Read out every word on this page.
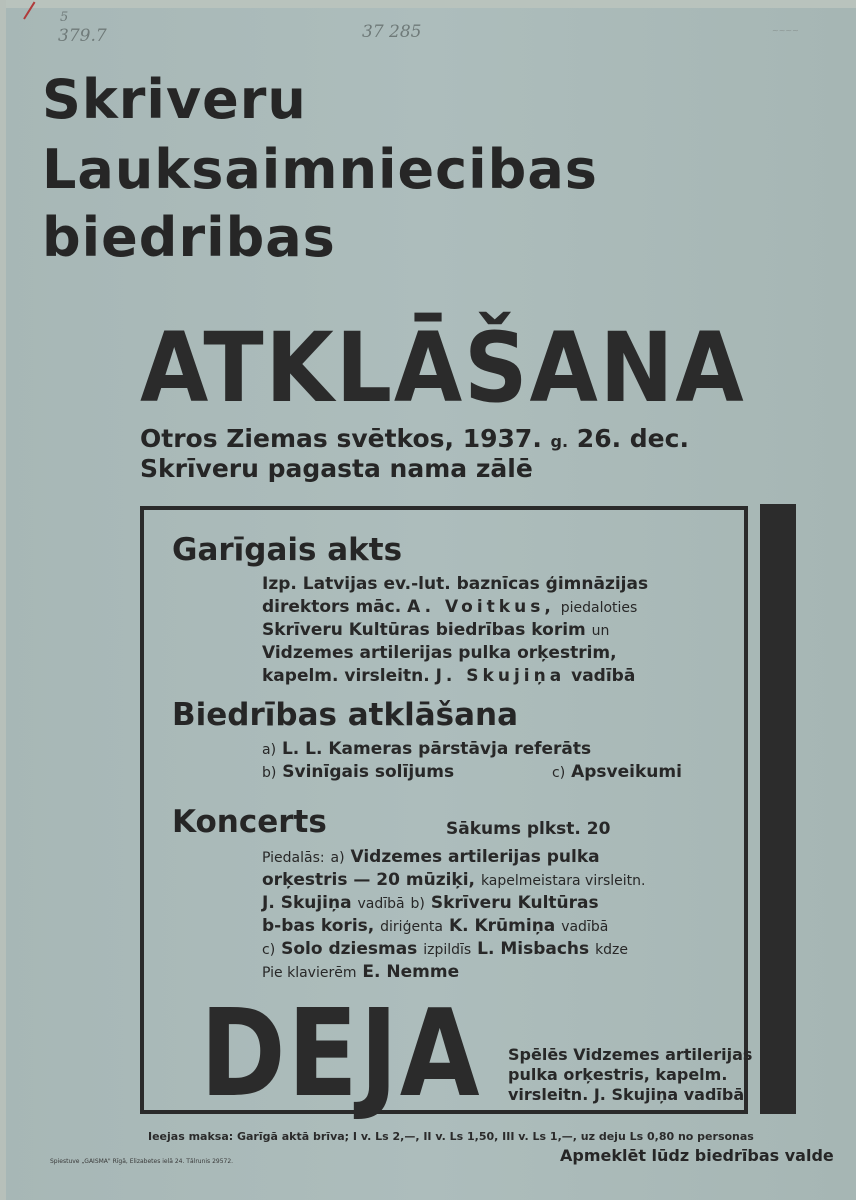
5
379.7	37 285	~~~~
Skriveru
Lauksaimniecibas
biedribas
ATKLĀŠANA
Otros Ziemas svētkos, 1937. g. 26. dec.
Skrīveru pagasta nama zālē
Garīgais akts
Izp. Latvijas ev.-lut. baznīcas ģimnāzijas
direktors māc. A. Voitkus, piedaloties
Skrīveru Kultūras biedrības korim un
Vidzemes artilerijas pulka orķestrim,
kapelm. virsleitn. J. Skujiņa vadībā
Biedrības atklāšana
a) L. L. Kameras pārstāvja referāts
b) Svinīgais solījums	c) Apsveikumi
Koncerts	Sākums plkst. 20
Piedalās: a) Vidzemes artilerijas pulka
orķestris — 20 mūziķi, kapelmeistara virsleitn.
J. Skujiņa vadībā b) Skrīveru Kultūras
b-bas koris, diriģenta K. Krūmiņa vadībā
c) Solo dziesmas izpildīs L. Misbachs kdze
Pie klavierēm E. Nemme
DEJA Spēlēs Vidzemes artilerijas
pulka orķestris, kapelm.
virsleitn. J. Skujiņa vadībā
Ieejas maksa: Garīgā aktā brīva; I v. Ls 2,—, II v. Ls 1,50, III v. Ls 1,—, uz deju Ls 0,80 no personas
Spiestuve „GAISMA" Rīgā, Elizabetes ielā 24. Tālrunis 29572.	Apmeklēt lūdz biedrības valde
